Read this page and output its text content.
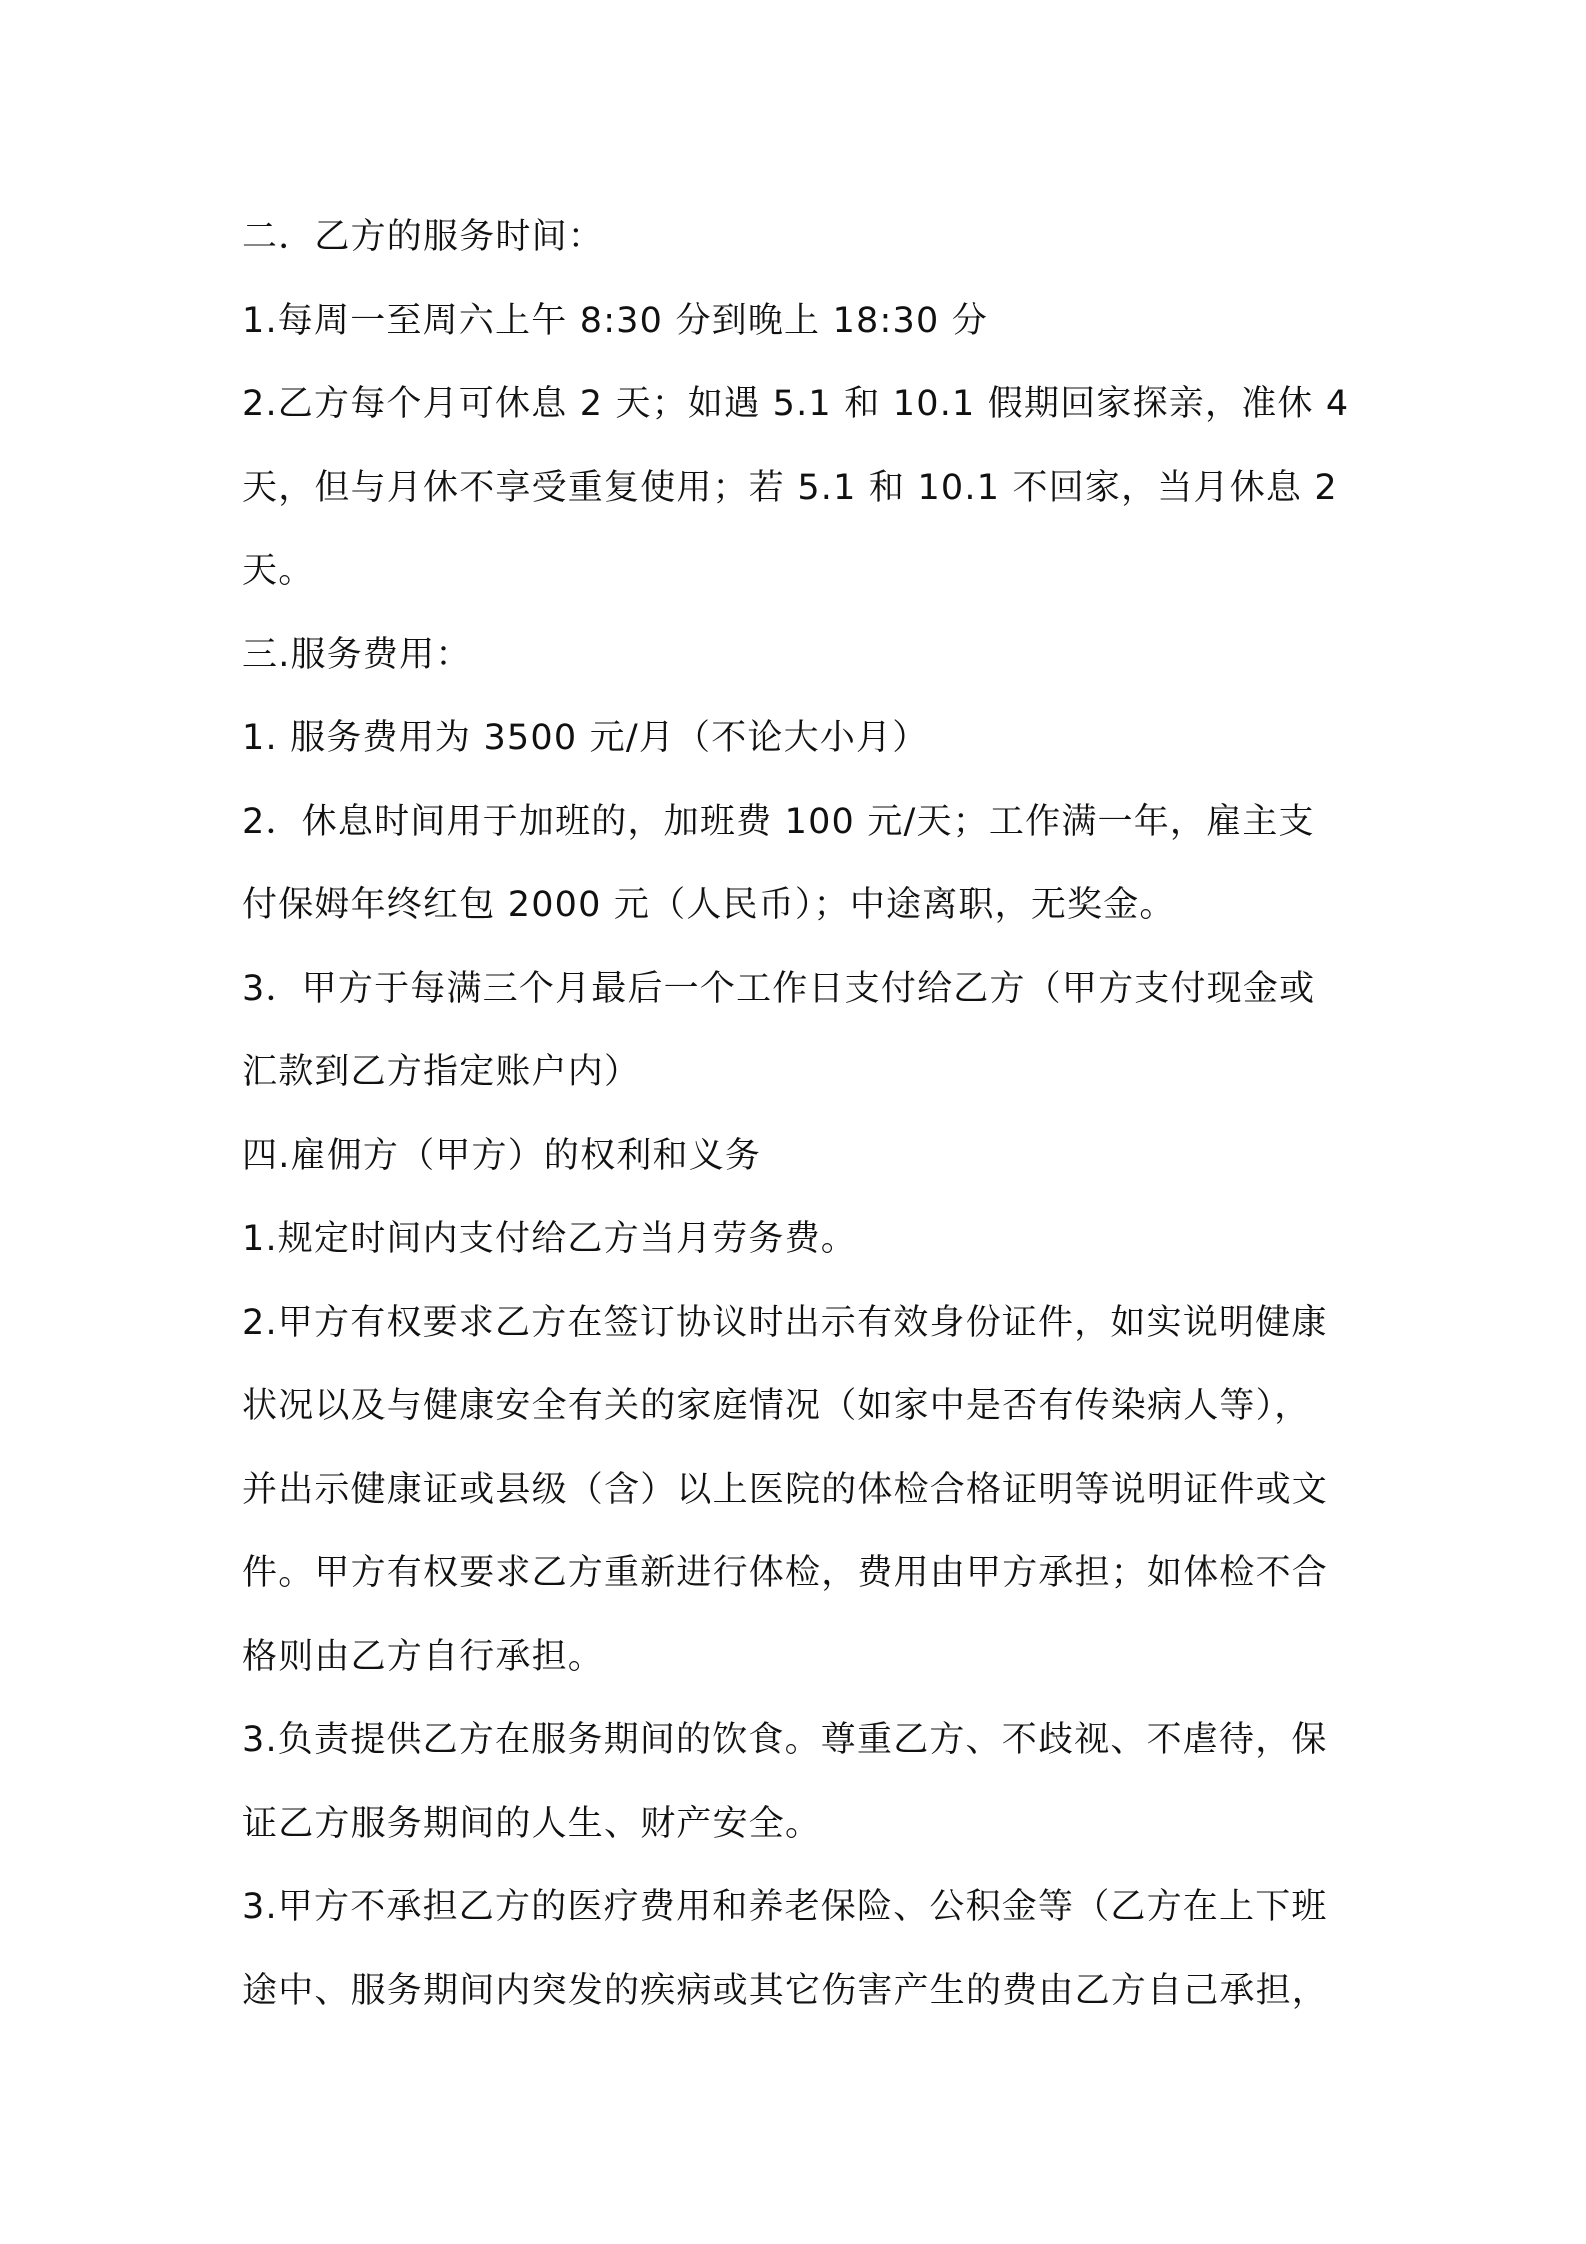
二．乙方的服务时间：
1.每周一至周六上午 8:30 分到晚上 18:30 分
2.乙方每个月可休息 2 天；如遇 5.1 和 10.1 假期回家探亲，准休 4
天，但与月休不享受重复使用；若 5.1 和 10.1 不回家，当月休息 2
天。
三.服务费用：
1. 服务费用为 3500 元/月（不论大小月）
2．休息时间用于加班的，加班费 100 元/天；工作满一年，雇主支
付保姆年终红包 2000 元（人民币）；中途离职，无奖金。
3．甲方于每满三个月最后一个工作日支付给乙方（甲方支付现金或
汇款到乙方指定账户内）
四.雇佣方（甲方）的权利和义务
1.规定时间内支付给乙方当月劳务费。
2.甲方有权要求乙方在签订协议时出示有效身份证件，如实说明健康
状况以及与健康安全有关的家庭情况（如家中是否有传染病人等），
并出示健康证或县级（含）以上医院的体检合格证明等说明证件或文
件。甲方有权要求乙方重新进行体检，费用由甲方承担；如体检不合
格则由乙方自行承担。
3.负责提供乙方在服务期间的饮食。尊重乙方、不歧视、不虐待，保
证乙方服务期间的人生、财产安全。
3.甲方不承担乙方的医疗费用和养老保险、公积金等（乙方在上下班
途中、服务期间内突发的疾病或其它伤害产生的费由乙方自己承担，
